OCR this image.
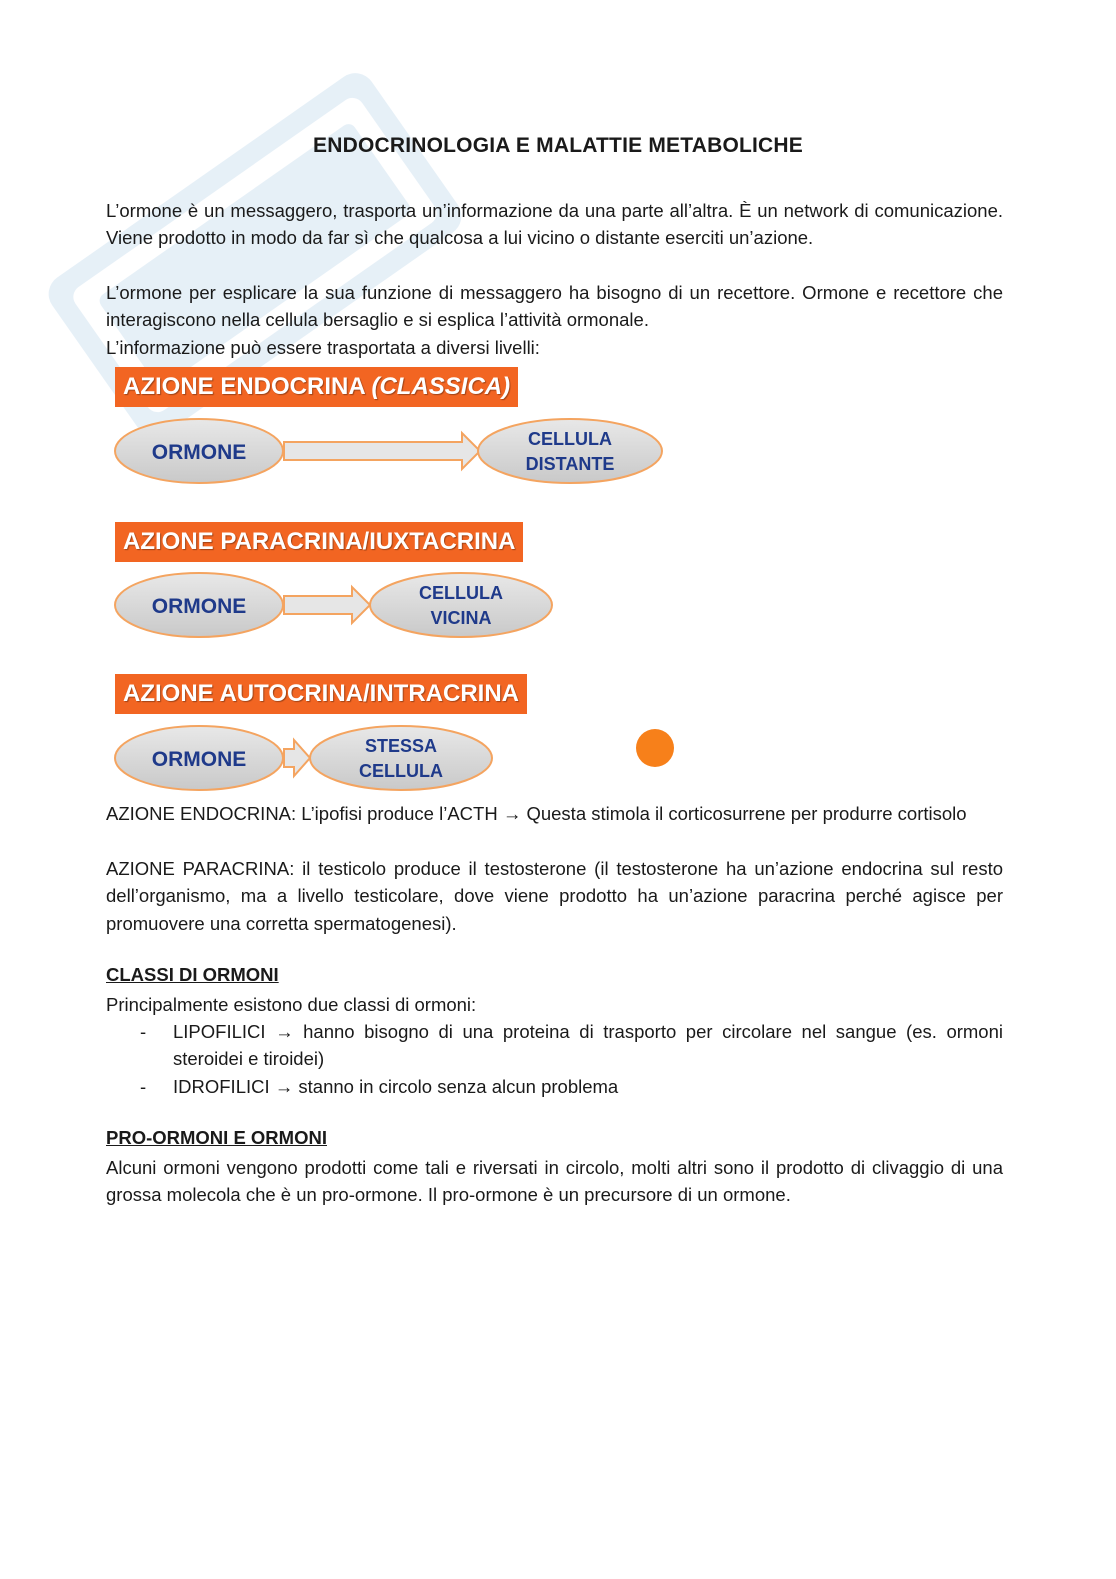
ENDOCRINOLOGIA E MALATTIE METABOLICHE

L’ormone è un messaggero, trasporta un’informazione da una parte all’altra. È un network di comunicazione. Viene prodotto in modo da far sì che qualcosa a lui vicino o distante eserciti un’azione.

L’ormone per esplicare la sua funzione di messaggero ha bisogno di un recettore. Ormone e recettore che interagiscono nella cellula bersaglio e si esplica l’attività ormonale.

L’informazione può essere trasportata a diversi livelli:

AZIONE ENDOCRINA (CLASSICA)
ORMONE
CELLULA
DISTANTE
AZIONE PARACRINA/IUXTACRINA
ORMONE
CELLULA
VICINA
AZIONE AUTOCRINA/INTRACRINA
ORMONE
STESSA
CELLULA

AZIONE ENDOCRINA: L’ipofisi produce l’ACTH → Questa stimola il corticosurrene per produrre cortisolo

AZIONE PARACRINA: il testicolo produce il testosterone (il testosterone ha un’azione endocrina sul resto dell’organismo, ma a livello testicolare, dove viene prodotto ha un’azione paracrina perché agisce per promuovere una corretta spermatogenesi).

CLASSI DI ORMONI

Principalmente esistono due classi di ormoni:

- LIPOFILICI → hanno bisogno di una proteina di trasporto per circolare nel sangue (es. ormoni steroidei e tiroidei)
- IDROFILICI → stanno in circolo senza alcun problema

PRO-ORMONI E ORMONI

Alcuni ormoni vengono prodotti come tali e riversati in circolo, molti altri sono il prodotto di clivaggio di una grossa molecola che è un pro-ormone. Il pro-ormone è un precursore di un ormone.
